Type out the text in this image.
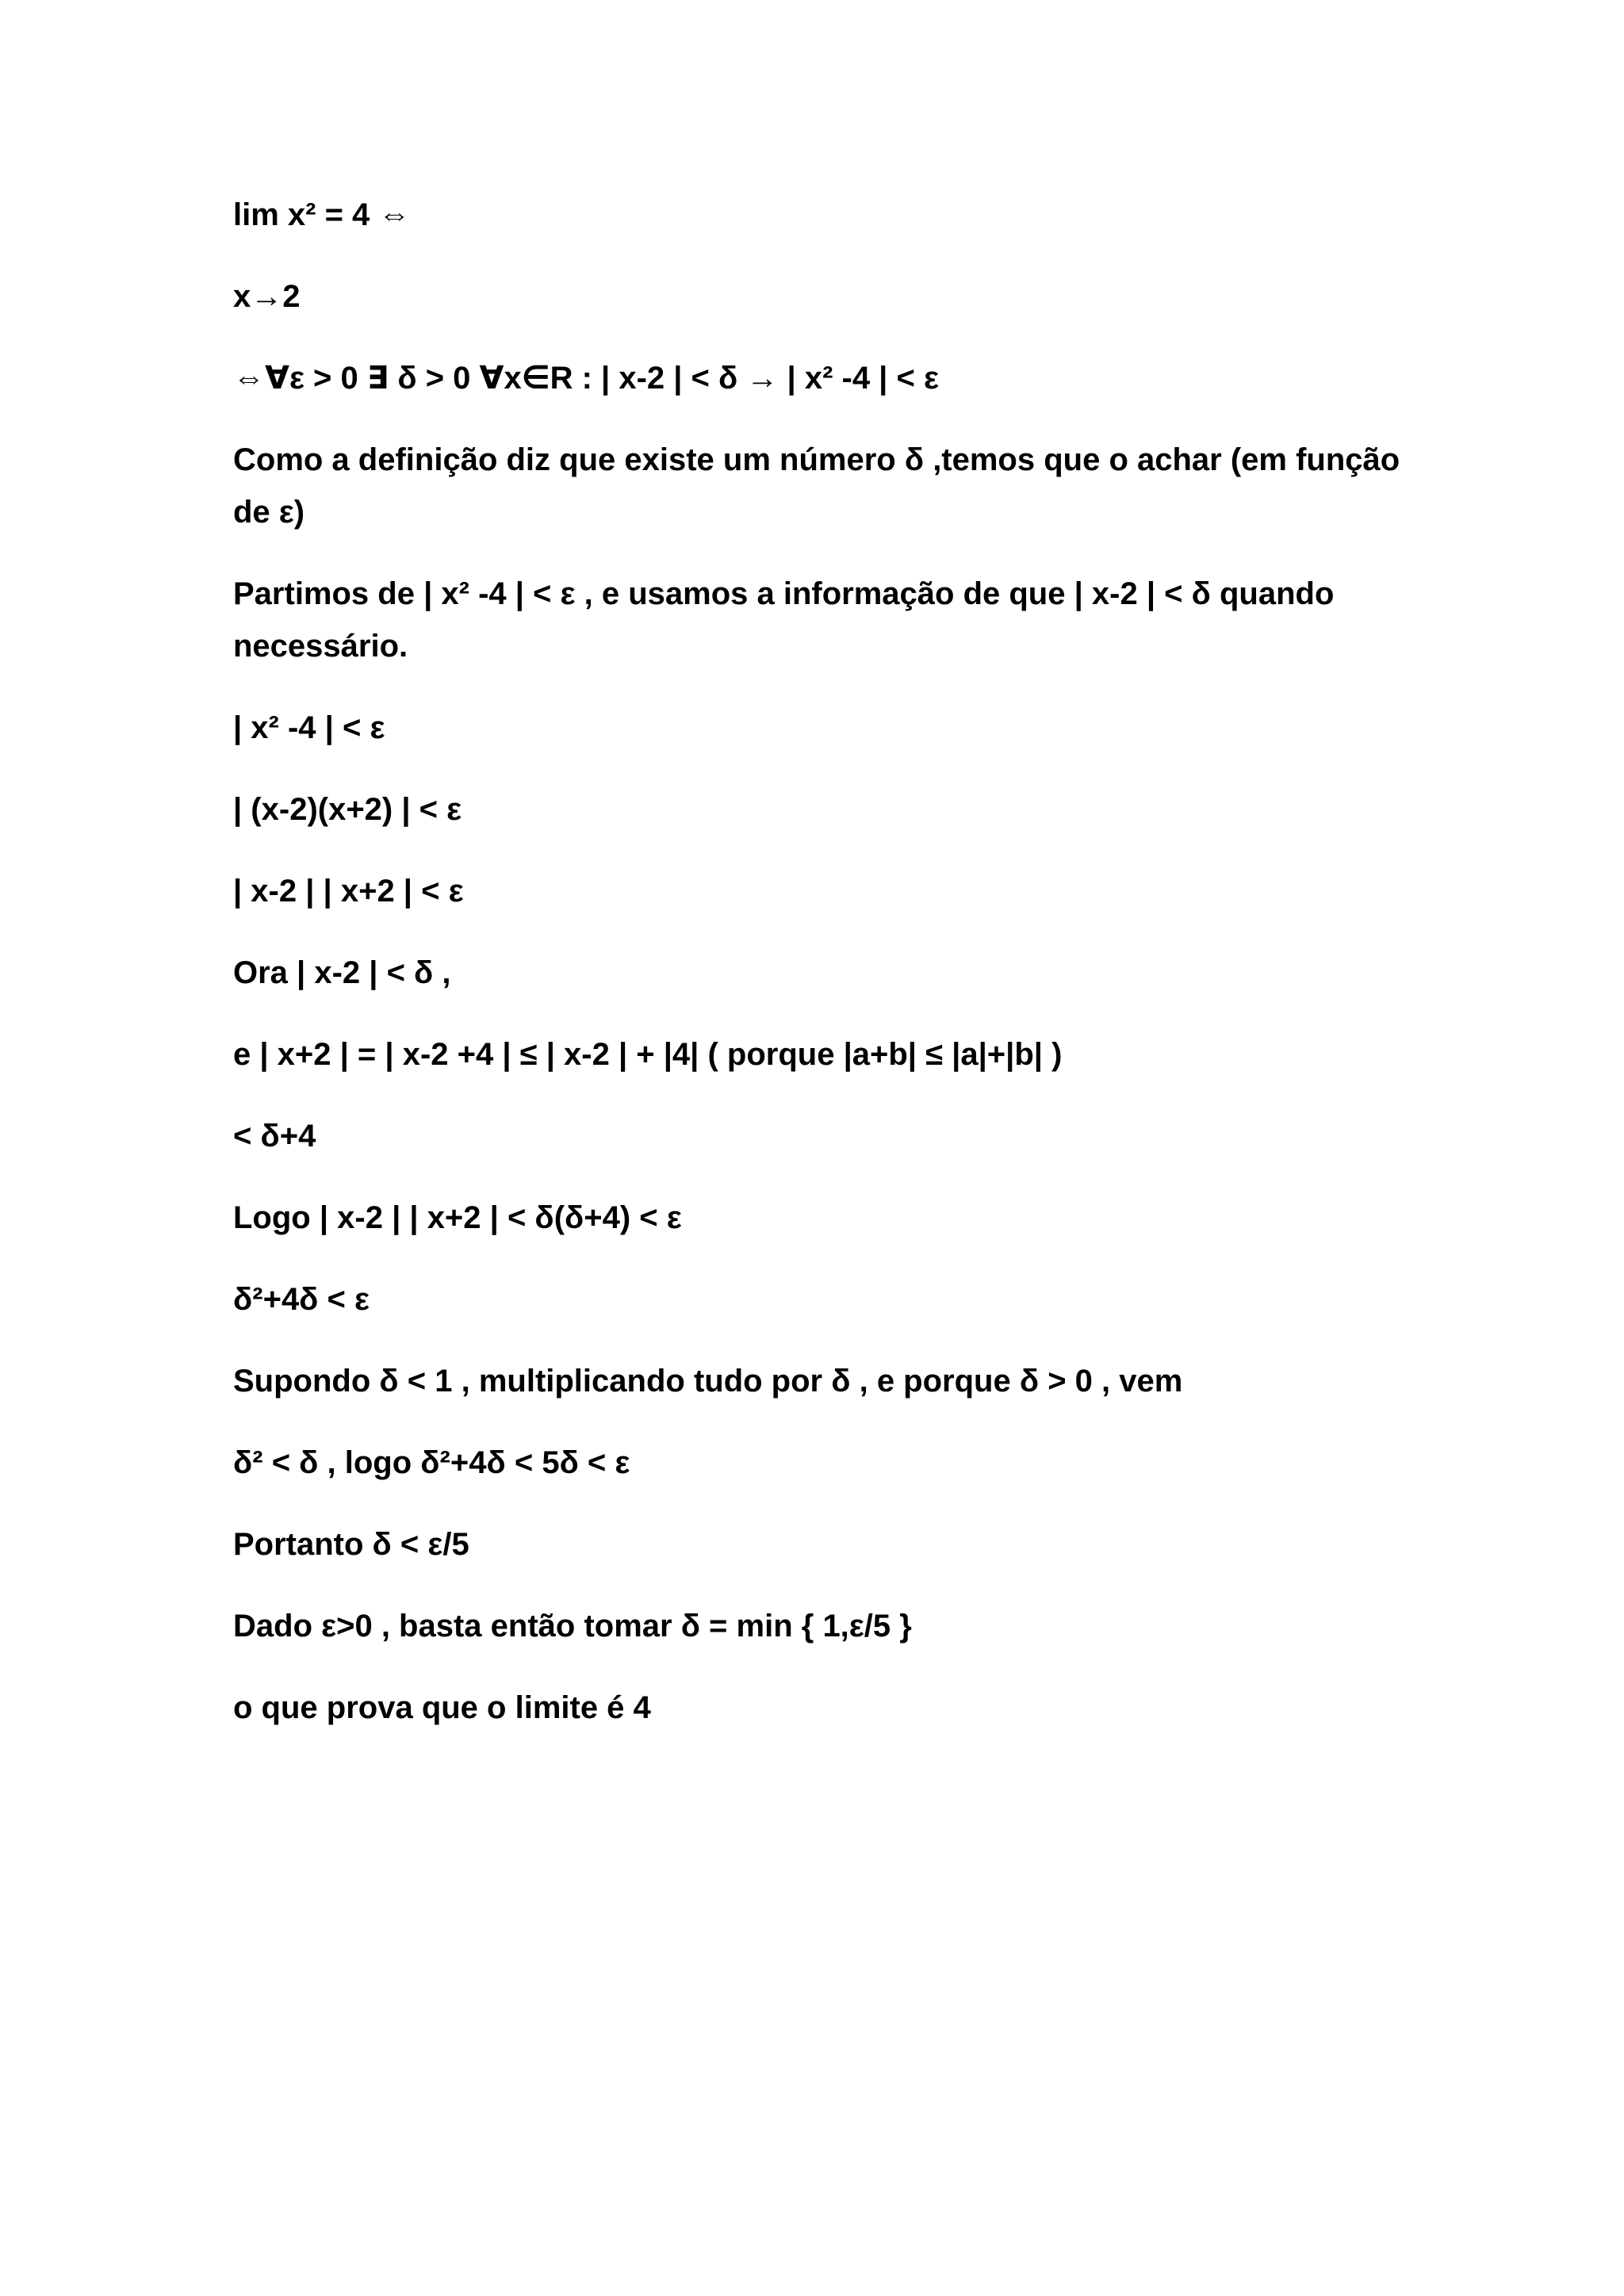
lim x² = 4 ⇔

x→2

⇔∀ε > 0 ∃ δ > 0 ∀x∈R : | x-2 | < δ → | x² -4 | < ε

Como a definição diz que existe um número δ ,temos que o achar (em função de ε)

Partimos de | x² -4 | < ε , e usamos a informação de que | x-2 | < δ quando necessário.

| x² -4 | < ε

| (x-2)(x+2) | < ε

| x-2 | | x+2 | < ε

Ora | x-2 | < δ ,

e | x+2 | = | x-2 +4 | ≤ | x-2 | + |4| ( porque |a+b| ≤ |a|+|b| )

< δ+4

Logo | x-2 | | x+2 | < δ(δ+4) < ε

δ²+4δ < ε

Supondo δ < 1 , multiplicando tudo por δ , e porque δ > 0 , vem

δ² < δ , logo δ²+4δ < 5δ < ε

Portanto δ < ε/5

Dado ε>0 , basta então tomar δ = min { 1,ε/5 }

o que prova que o limite é 4
